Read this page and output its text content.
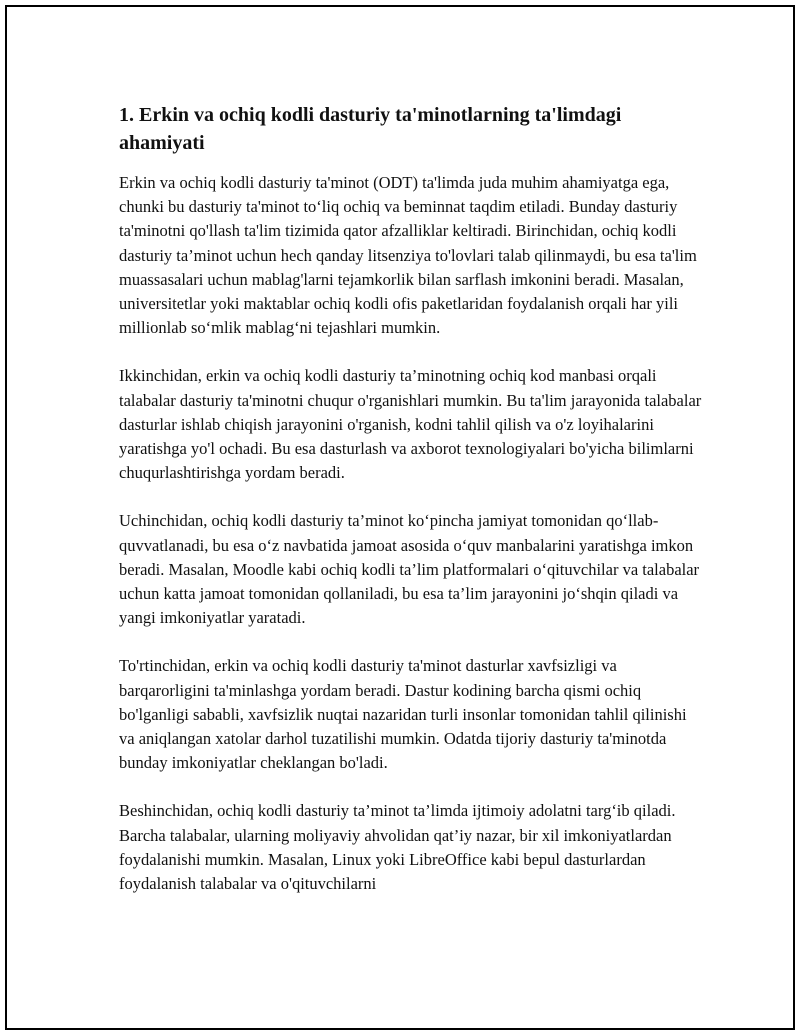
1. Erkin va ochiq kodli dasturiy ta'minotlarning ta'limdagi ahamiyati

Erkin va ochiq kodli dasturiy ta'minot (ODT) ta'limda juda muhim ahamiyatga ega, chunki bu dasturiy ta'minot to‘liq ochiq va beminnat taqdim etiladi. Bunday dasturiy ta'minotni qo'llash ta'lim tizimida qator afzalliklar keltiradi. Birinchidan, ochiq kodli dasturiy ta’minot uchun hech qanday litsenziya to'lovlari talab qilinmaydi, bu esa ta'lim muassasalari uchun mablag'larni tejamkorlik bilan sarflash imkonini beradi. Masalan, universitetlar yoki maktablar ochiq kodli ofis paketlaridan foydalanish orqali har yili millionlab so‘mlik mablag‘ni tejashlari mumkin.

Ikkinchidan, erkin va ochiq kodli dasturiy ta’minotning ochiq kod manbasi orqali talabalar dasturiy ta'minotni chuqur o'rganishlari mumkin. Bu ta'lim jarayonida talabalar dasturlar ishlab chiqish jarayonini o'rganish, kodni tahlil qilish va o'z loyihalarini yaratishga yo'l ochadi. Bu esa dasturlash va axborot texnologiyalari bo'yicha bilimlarni chuqurlashtirishga yordam beradi.

Uchinchidan, ochiq kodli dasturiy ta’minot ko‘pincha jamiyat tomonidan qo‘llab-quvvatlanadi, bu esa o‘z navbatida jamoat asosida o‘quv manbalarini yaratishga imkon beradi. Masalan, Moodle kabi ochiq kodli ta’lim platformalari o‘qituvchilar va talabalar uchun katta jamoat tomonidan qollaniladi, bu esa ta’lim jarayonini jo‘shqin qiladi va yangi imkoniyatlar yaratadi.

To'rtinchidan, erkin va ochiq kodli dasturiy ta'minot dasturlar xavfsizligi va barqarorligini ta'minlashga yordam beradi. Dastur kodining barcha qismi ochiq bo'lganligi sababli, xavfsizlik nuqtai nazaridan turli insonlar tomonidan tahlil qilinishi va aniqlangan xatolar darhol tuzatilishi mumkin. Odatda tijoriy dasturiy ta'minotda bunday imkoniyatlar cheklangan bo'ladi.

Beshinchidan, ochiq kodli dasturiy ta’minot ta’limda ijtimoiy adolatni targ‘ib qiladi. Barcha talabalar, ularning moliyaviy ahvolidan qat’iy nazar, bir xil imkoniyatlardan foydalanishi mumkin. Masalan, Linux yoki LibreOffice kabi bepul dasturlardan foydalanish talabalar va o'qituvchilarni
